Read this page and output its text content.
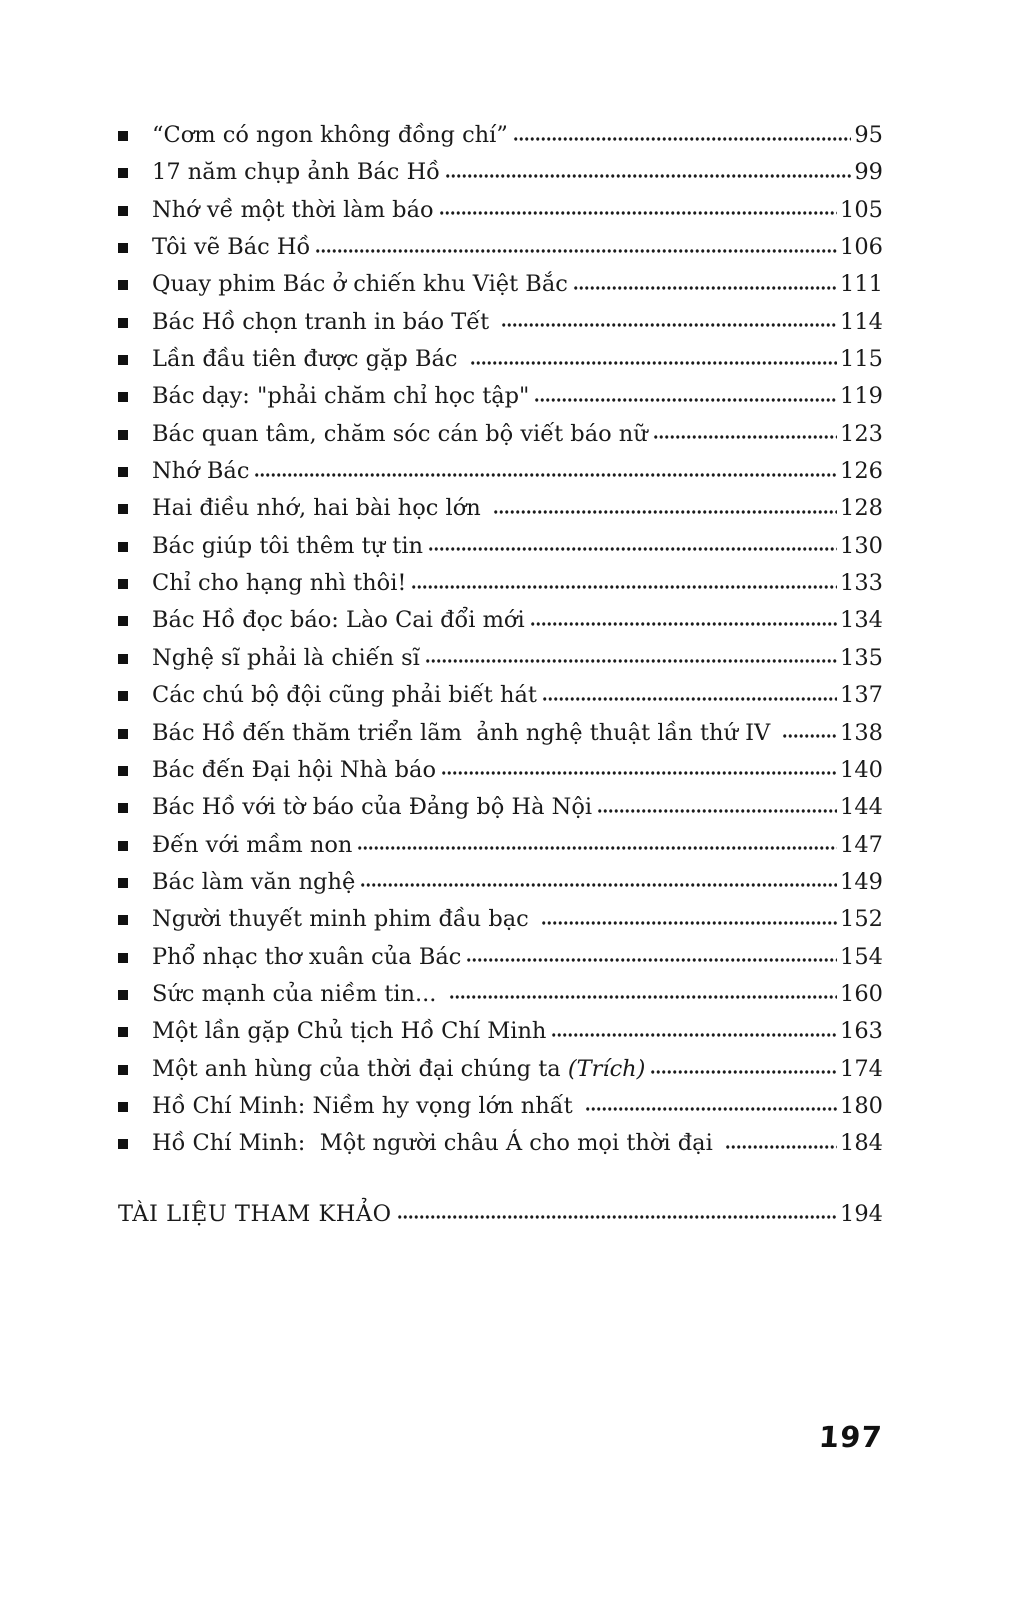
“Cơm có ngon không đồng chí”	95
17 năm chụp ảnh Bác Hồ	99
Nhớ về một thời làm báo	105
Tôi vẽ Bác Hồ	106
Quay phim Bác ở chiến khu Việt Bắc	111
Bác Hồ chọn tranh in báo Tết	114
Lần đầu tiên được gặp Bác	115
Bác dạy: "phải chăm chỉ học tập"	119
Bác quan tâm, chăm sóc cán bộ viết báo nữ	123
Nhớ Bác	126
Hai điều nhớ, hai bài học lớn	128
Bác giúp tôi thêm tự tin	130
Chỉ cho hạng nhì thôi!	133
Bác Hồ đọc báo: Lào Cai đổi mới	134
Nghệ sĩ phải là chiến sĩ	135
Các chú bộ đội cũng phải biết hát	137
Bác Hồ đến thăm triển lãm  ảnh nghệ thuật lần thứ IV	138
Bác đến Đại hội Nhà báo	140
Bác Hồ với tờ báo của Đảng bộ Hà Nội	144
Đến với mầm non	147
Bác làm văn nghệ	149
Người thuyết minh phim đầu bạc	152
Phổ nhạc thơ xuân của Bác	154
Sức mạnh của niềm tin...	160
Một lần gặp Chủ tịch Hồ Chí Minh	163
Một anh hùng của thời đại chúng ta (Trích)	174
Hồ Chí Minh: Niềm hy vọng lớn nhất	180
Hồ Chí Minh:  Một người châu Á cho mọi thời đại	184
TÀI LIỆU THAM KHẢO	194
197
